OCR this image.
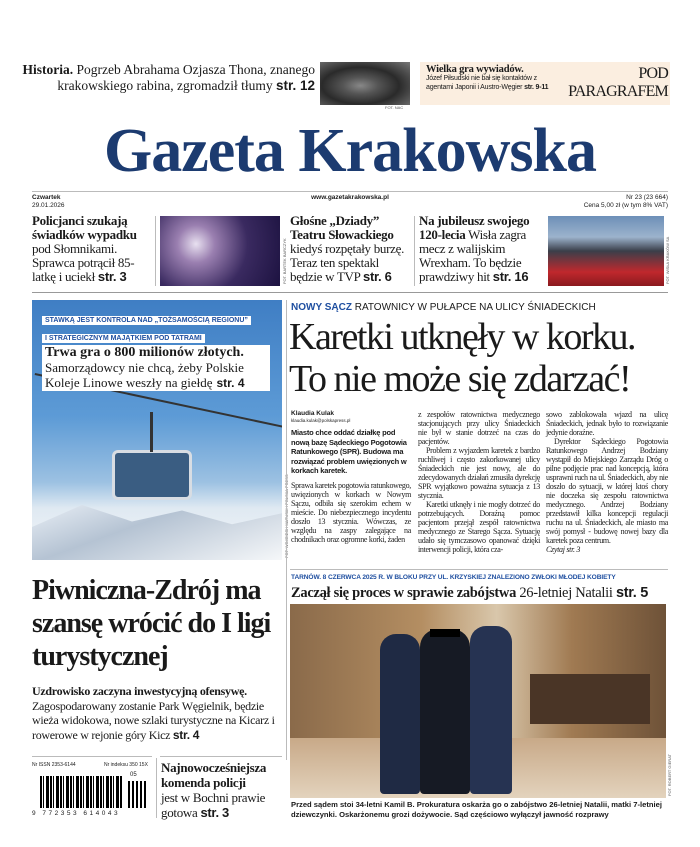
Historia. Pogrzeb Abrahama Ozjasza Thona, znanego krakowskiego rabina, zgromadził tłumy str. 12
FOT. NAC
Wielka gra wywiadów.
Józef Piłsudski nie bał się kontaktów z agentami Japonii i Austro-Węgier str. 9-11
POD
PARAGRAFEM
Gazeta Krakowska
Czwartek
29.01.2026
www.gazetakrakowska.pl	Nr 23 (23 664)
Cena 5,00 zł (w tym 8% VAT)
Policjanci szukają świadków wypadku pod Słomnikami. Sprawca potrącił 85-latkę i uciekł str. 3	FOT. BARTEK BARCZYK
Głośne „Dziady” Teatru Słowackiego kiedyś rozpętały burzę. Teraz ten spektakl będzie w TVP str. 6
Na jubileusz swojego 120-lecia Wisła zagra mecz z walijskim Wrexham. To będzie prawdziwy hit str. 16	FOT. WISŁA KRAKÓW SA
STAWKĄ JEST KONTROLA NAD „TOŻSAMOŚCIĄ REGIONU”
I STRATEGICZNYM MAJĄTKIEM POD TATRAMI
Trwa gra o 800 milionów złotych.
Samorządowcy nie chcą, żeby Polskie Koleje Linowe weszły na giełdę str. 4
NOWY SĄCZ RATOWNICY W PUŁAPCE NA ULICY ŚNIADECKICH
Karetki utknęły w korku.
To nie może się zdarzać!
Klaudia Kulak
klaudia.kulak@polskapress.pl
Miasto chce oddać działkę pod nową bazę Sądeckiego Pogotowia Ratunkowego (SPR). Budowa ma rozwiązać problem uwięzionych w korkach karetek.
Sprawa karetek pogotowia ratunkowego, uwięzionych w korkach w Nowym Sączu, odbiła się szerokim echem w mieście. Do niebezpiecznego incydentu doszło 13 stycznia. Wówczas, ze względu na zaspy zalegające na chodnikach oraz ogromne korki, żaden
z zespołów ratownictwa medycznego stacjonujących przy ulicy Śniadeckich nie był w stanie dotrzeć na czas do pacjentów.
Problem z wyjazdem karetek z bardzo ruchliwej i często zakorkowanej ulicy Śniadeckich nie jest nowy, ale do zdecydowanych działań zmusiła dyrekcję SPR wyjątkowo poważna sytuacja z 13 stycznia.
Karetki utknęły i nie mogły dotrzeć do potrzebujących. Doraźną pomoc pacjentom przejął zespół ratownictwa medycznego ze Starego Sącza. Sytuację udało się tymczasowo opanować dzięki interwencji policji, która cza-
sowo zablokowała wjazd na ulicę Śniadeckich, jednak było to rozwiązanie jedynie doraźne.
Dyrektor Sądeckiego Pogotowia Ratunkowego Andrzej Bodziany wystąpił do Miejskiego Zarządu Dróg o pilne podjęcie prac nad koncepcją, która usprawni ruch na ul. Śniadeckich, aby nie doszło do sytuacji, w której ktoś chory nie doczeka się zespołu ratownictwa medycznego. Andrzej Bodziany przedstawił kilka koncepcji regulacji ruchu na ul. Śniadeckich, ale miasto ma swój pomysł - budowę nowej bazy dla karetek poza centrum.
Czytaj str. 3
TARNÓW. 8 CZERWCA 2025 R. W BLOKU PRZY UL. KRZYSKIEJ ZNALEZIONO ZWŁOKI MŁODEJ KOBIETY
Zaczął się proces w sprawie zabójstwa 26-letniej Natalii str. 5
FOT. ROBERT GIERAT
Przed sądem stoi 34-letni Kamil B. Prokuratura oskarża go o zabójstwo 26-letniej Natalii, matki 7-letniej dziewczynki. Oskarżonemu grozi dożywocie. Sąd częściowo wyłączył jawność rozprawy
Piwniczna-Zdrój ma szansę wrócić do I ligi turystycznej
Uzdrowisko zaczyna inwestycyjną ofensywę.
Zagospodarowany zostanie Park Węgielnik, będzie wieża widokowa, nowe szlaki turystyczne na Kicarz i rowerowe w rejonie góry Kicz str. 4
Nr ISSN 2353-6144	Nr indeksu 350 15X
05
9 772353 614043
Najnowocześniejsza komenda policji
jest w Bochni prawie gotowa str. 3
